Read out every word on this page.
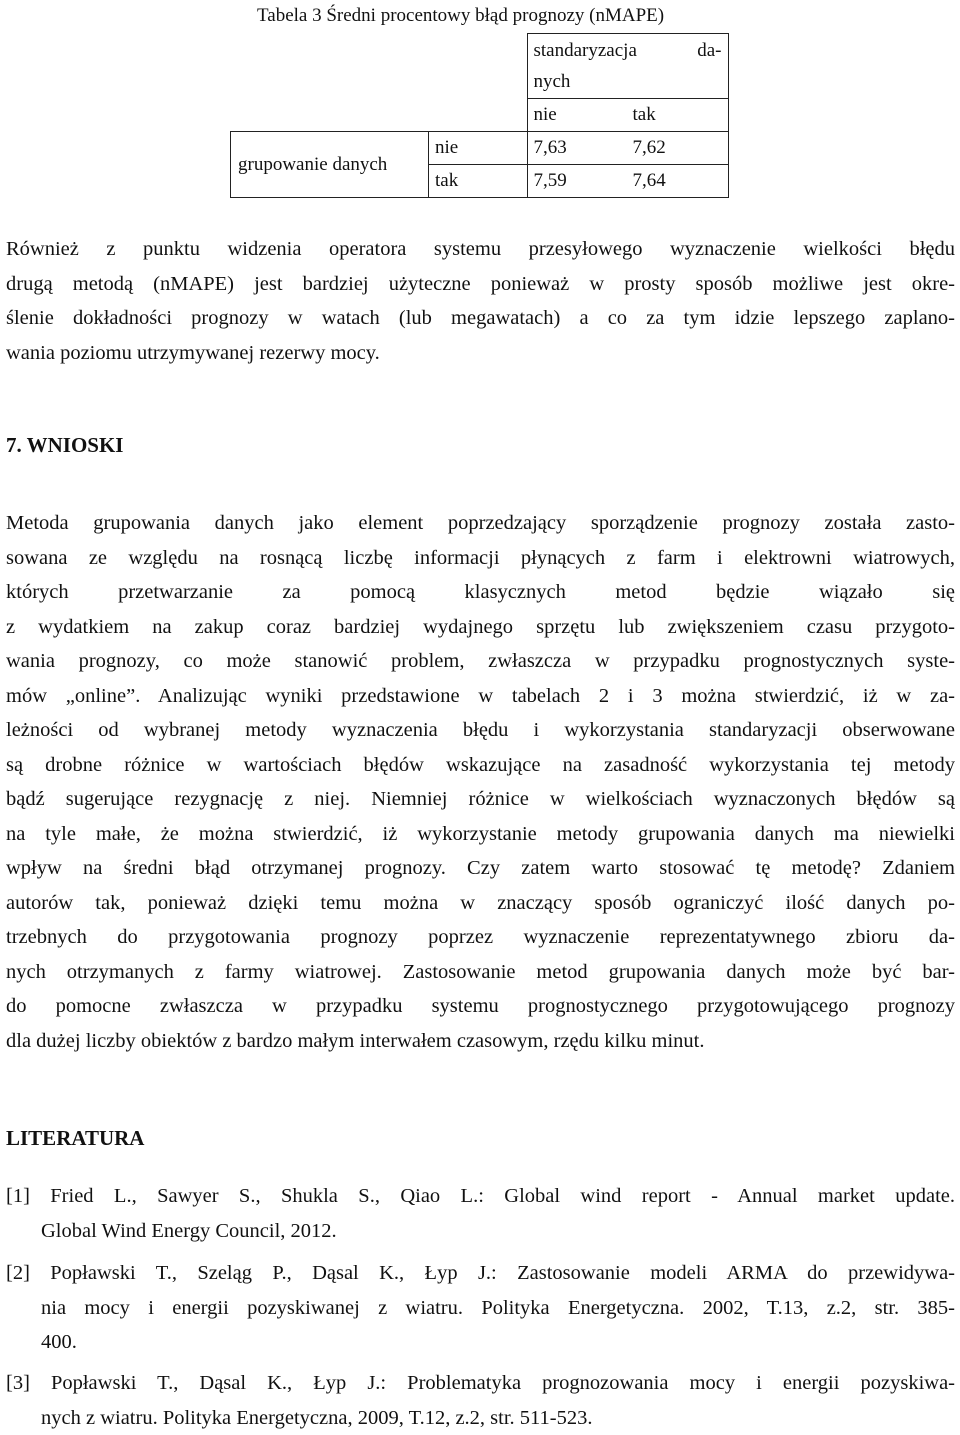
Tabela 3 Średni procentowy błąd prognozy (nMAPE)

		standaryzacja da-
nych	

		nie	tak
grupowanie danych	nie	7,63	7,62
	tak	7,59	7,64
Również z punktu widzenia operatora systemu przesyłowego wyznaczenie wielkości błędu
drugą metodą (nMAPE) jest bardziej użyteczne ponieważ w prosty sposób możliwe jest okre-
ślenie dokładności prognozy w watach (lub megawatach) a co za tym idzie lepszego zaplano-
wania poziomu utrzymywanej rezerwy mocy.
7. WNIOSKI
Metoda grupowania danych jako element poprzedzający sporządzenie prognozy została zasto-
sowana ze względu na rosnącą liczbę informacji płynących z farm i elektrowni wiatrowych,
których przetwarzanie za pomocą klasycznych metod będzie wiązało się
z wydatkiem na zakup coraz bardziej wydajnego sprzętu lub zwiększeniem czasu przygoto-
wania prognozy, co może stanowić problem, zwłaszcza w przypadku prognostycznych syste-
mów „online”. Analizując wyniki przedstawione w tabelach 2 i 3 można stwierdzić, iż w za-
leżności od wybranej metody wyznaczenia błędu i wykorzystania standaryzacji obserwowane
są drobne różnice w wartościach błędów wskazujące na zasadność wykorzystania tej metody
bądź sugerujące rezygnację z niej. Niemniej różnice w wielkościach wyznaczonych błędów są
na tyle małe, że można stwierdzić, iż wykorzystanie metody grupowania danych ma niewielki
wpływ na średni błąd otrzymanej prognozy. Czy zatem warto stosować tę metodę? Zdaniem
autorów tak, ponieważ dzięki temu można w znaczący sposób ograniczyć ilość danych po-
trzebnych do przygotowania prognozy poprzez wyznaczenie reprezentatywnego zbioru da-
nych otrzymanych z farmy wiatrowej. Zastosowanie metod grupowania danych może być bar-
do pomocne zwłaszcza w przypadku systemu prognostycznego przygotowującego prognozy
dla dużej liczby obiektów z bardzo małym interwałem czasowym, rzędu kilku minut.
LITERATURA
[1] Fried L., Sawyer S., Shukla S., Qiao L.: Global wind report - Annual market update.
Global Wind Energy Council, 2012.
[2] Popławski T., Szeląg P., Dąsal K., Łyp J.: Zastosowanie modeli ARMA do przewidywa-
nia mocy i energii pozyskiwanej z wiatru. Polityka Energetyczna. 2002, T.13, z.2, str. 385-
400.
[3] Popławski T., Dąsal K., Łyp J.: Problematyka prognozowania mocy i energii pozyskiwa-
nych z wiatru. Polityka Energetyczna, 2009, T.12, z.2, str. 511-523.
